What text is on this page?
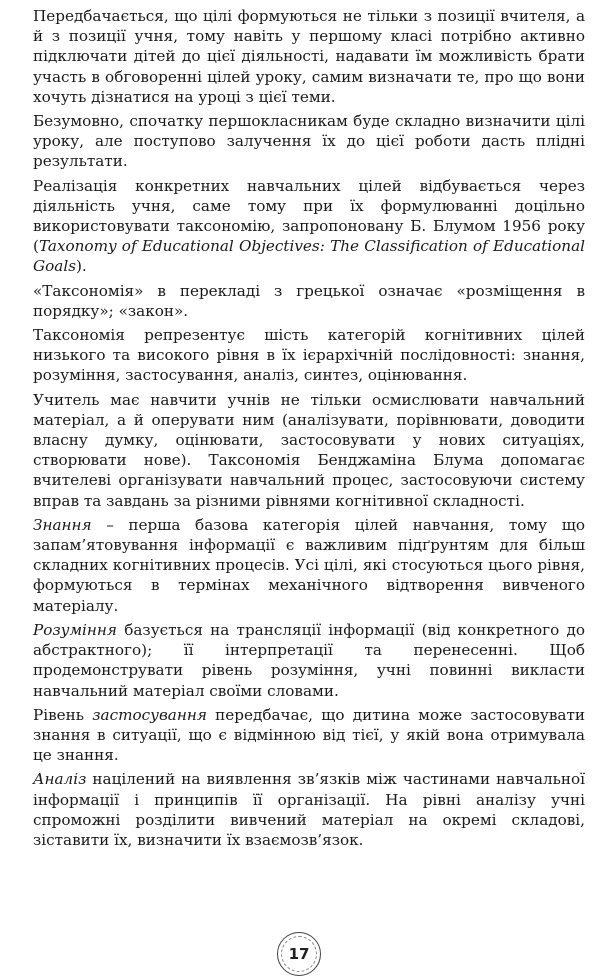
Передбачається, що цілі формуються не тільки з позиції вчителя, а й з позиції учня, тому навіть у першому класі потрібно активно підключати дітей до цієї діяльності, надавати їм можливість брати участь в обговоренні цілей уроку, самим визначати те, про що вони хочуть дізнатися на уроці з цієї теми.

Безумовно, спочатку першокласникам буде складно визначити цілі уроку, але поступово залучення їх до цієї роботи дасть плідні результати.

Реалізація конкретних навчальних цілей відбувається через діяльність учня, саме тому при їх формулюванні доцільно використовувати таксономію, запропоновану Б. Блумом 1956 року (Taxonomy of Educational Objectives: The Classification of Educational Goals).

«Таксономія» в перекладі з грецької означає «розміщення в порядку»; «закон».

Таксономія репрезентує шість категорій когнітивних цілей низького та високого рівня в їх ієрархічній послідовності: знання, розуміння, застосування, аналіз, синтез, оцінювання.

Учитель має навчити учнів не тільки осмислювати навчальний матеріал, а й оперувати ним (аналізувати, порівнювати, доводити власну думку, оцінювати, застосовувати у нових ситуаціях, створювати нове). Таксономія Бенджаміна Блума допомагає вчителеві організувати навчальний процес, застосовуючи систему вправ та завдань за різними рівнями когнітивної складності.

Знання – перша базова категорія цілей навчання, тому що запам’ятовування інформації є важливим підґрунтям для більш складних когнітивних процесів. Усі цілі, які стосуються цього рівня, формуються в термінах механічного відтворення вивченого матеріалу.

Розуміння базується на трансляції інформації (від конкретного до абстрактного); її інтерпретації та перенесенні. Щоб продемонструвати рівень розуміння, учні повинні викласти навчальний матеріал своїми словами.

Рівень застосування передбачає, що дитина може застосовувати знання в ситуації, що є відмінною від тієї, у якій вона отримувала це знання.

Аналіз націлений на виявлення зв’язків між частинами навчальної інформації і принципів її організації. На рівні аналізу учні спроможні розділити вивчений матеріал на окремі складові, зіставити їх, визначити їх взаємозв’язок.

17
